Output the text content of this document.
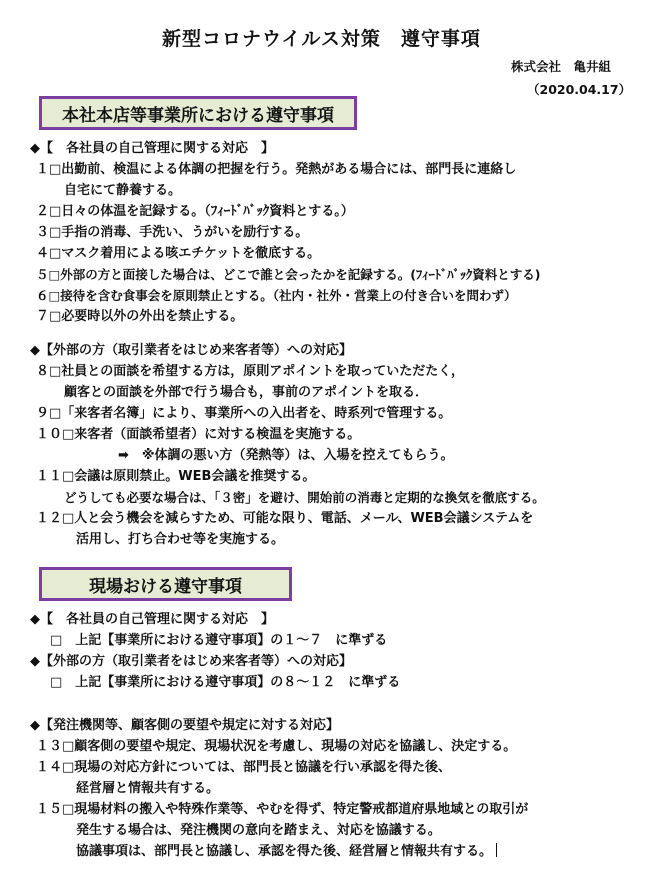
新型コロナウイルス対策　遵守事項
株式会社　亀井組
（2020.04.17）
本社本店等事業所における遵守事項
◆【　各社員の自己管理に関する対応　】
１□出勤前、検温による体調の把握を行う。発熱がある場合には、部門長に連絡し
自宅にて静養する。
２□日々の体温を記録する。（ﾌｨｰﾄﾞﾊﾞｯｸ資料とする。）
３□手指の消毒、手洗い、うがいを励行する。
４□マスク着用による咳エチケットを徹底する。
５□外部の方と面接した場合は、どこで誰と会ったかを記録する。(ﾌｨｰﾄﾞﾊﾞｯｸ資料とする)
６□接待を含む食事会を原則禁止とする。（社内・社外・営業上の付き合いを問わず）
７□必要時以外の外出を禁止する。
◆【外部の方（取引業者をはじめ来客者等）への対応】
８□社員との面談を希望する方は，原則アポイントを取っていただたく，
顧客との面談を外部で行う場合も，事前のアポイントを取る．
９□「来客者名簿」により、事業所への入出者を、時系列で管理する。
１０□来客者（面談希望者）に対する検温を実施する。
➡　※体調の悪い方（発熱等）は、入場を控えてもらう。
１１□会議は原則禁止。WEB会議を推奨する。
どうしても必要な場合は、「３密」を避け、開始前の消毒と定期的な換気を徹底する。
１２□人と会う機会を減らすため、可能な限り、電話、メール、WEB会議システムを
活用し、打ち合わせ等を実施する。
現場おける遵守事項
◆【　各社員の自己管理に関する対応　】
□　上記【事業所における遵守事項】の１～７　に準ずる
◆【外部の方（取引業者をはじめ来客者等）への対応】
□　上記【事業所における遵守事項】の８～１２　に準ずる
◆【発注機関等、顧客側の要望や規定に対する対応】
１３□顧客側の要望や規定、現場状況を考慮し、現場の対応を協議し、決定する。
１４□現場の対応方針については、部門長と協議を行い承認を得た後、
経営層と情報共有する。
１５□現場材料の搬入や特殊作業等、やむを得ず、特定警戒都道府県地域との取引が
発生する場合は、発注機関の意向を踏まえ、対応を協議する。
協議事項は、部門長と協議し、承認を得た後、経営層と情報共有する。
